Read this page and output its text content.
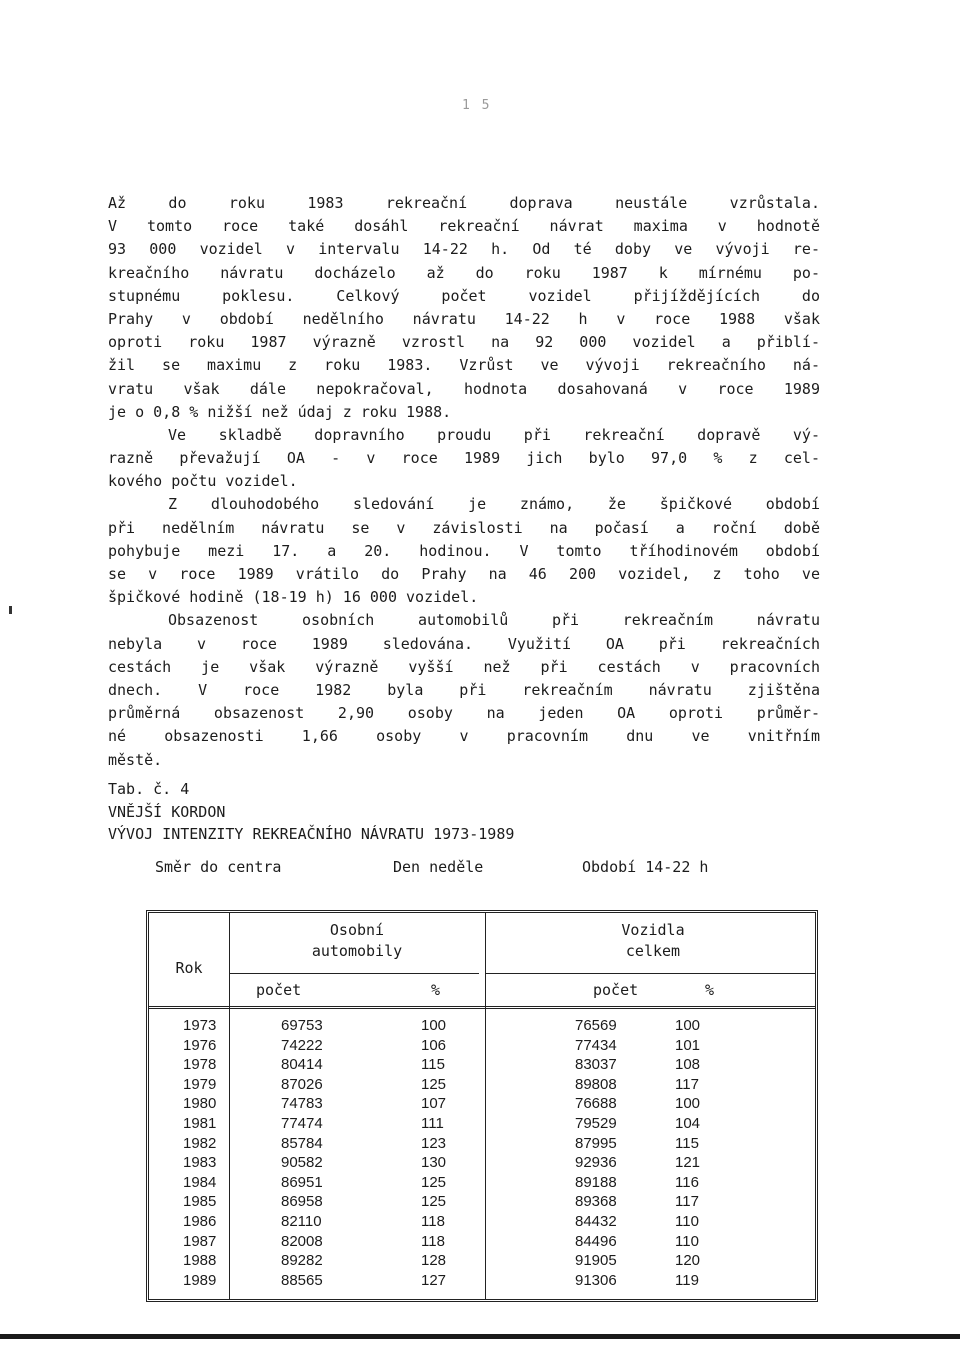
1 5
Až do roku 1983 rekreační doprava neustále vzrůstala.
V tomto roce také dosáhl rekreační návrat maxima v hodnotě
93 000 vozidel v intervalu 14-22 h. Od té doby ve vývoji re-
kreačního návratu docházelo až do roku 1987 k mírnému po-
stupnému poklesu. Celkový počet vozidel přijíždějících do
Prahy v období nedělního návratu 14-22 h v roce 1988 však
oproti roku 1987 výrazně vzrostl na 92 000 vozidel a přiblí-
žil se maximu z roku 1983. Vzrůst ve vývoji rekreačního ná-
vratu však dále nepokračoval, hodnota dosahovaná v roce 1989
je o 0,8 % nižší než údaj z roku 1988.
Ve skladbě dopravního proudu při rekreační dopravě vý-
razně převažují OA - v roce 1989 jich bylo 97,0 % z cel-
kového počtu vozidel.
Z dlouhodobého sledování je známo, že špičkové období
při nedělním návratu se v závislosti na počasí a roční době
pohybuje mezi 17. a 20. hodinou. V tomto tříhodinovém období
se v roce 1989 vrátilo do Prahy na 46 200 vozidel, z toho ve
špičkové hodině (18-19 h) 16 000 vozidel.
Obsazenost osobních automobilů při rekreačním návratu
nebyla v roce 1989 sledována. Využití OA při rekreačních
cestách je však výrazně vyšší než při cestách v pracovních
dnech. V roce 1982 byla při rekreačním návratu zjištěna
průměrná obsazenost 2,90 osoby na jeden OA oproti průměr-
né obsazenosti 1,66 osoby v pracovním dnu ve vnitřním
městě.
Tab. č. 4
VNĚJŠÍ KORDON
VÝVOJ INTENZITY REKREAČNÍHO NÁVRATU 1973-1989
Směr do centra	Den neděle	Období 14-22 h
Rok
Osobní
automobily
počet	%
Vozidla
celkem
počet	%
1973	69753	100	76569	100
1976	74222	106	77434	101
1978	80414	115	83037	108
1979	87026	125	89808	117
1980	74783	107	76688	100
1981	77474	111	79529	104
1982	85784	123	87995	115
1983	90582	130	92936	121
1984	86951	125	89188	116
1985	86958	125	89368	117
1986	82110	118	84432	110
1987	82008	118	84496	110
1988	89282	128	91905	120
1989	88565	127	91306	119
